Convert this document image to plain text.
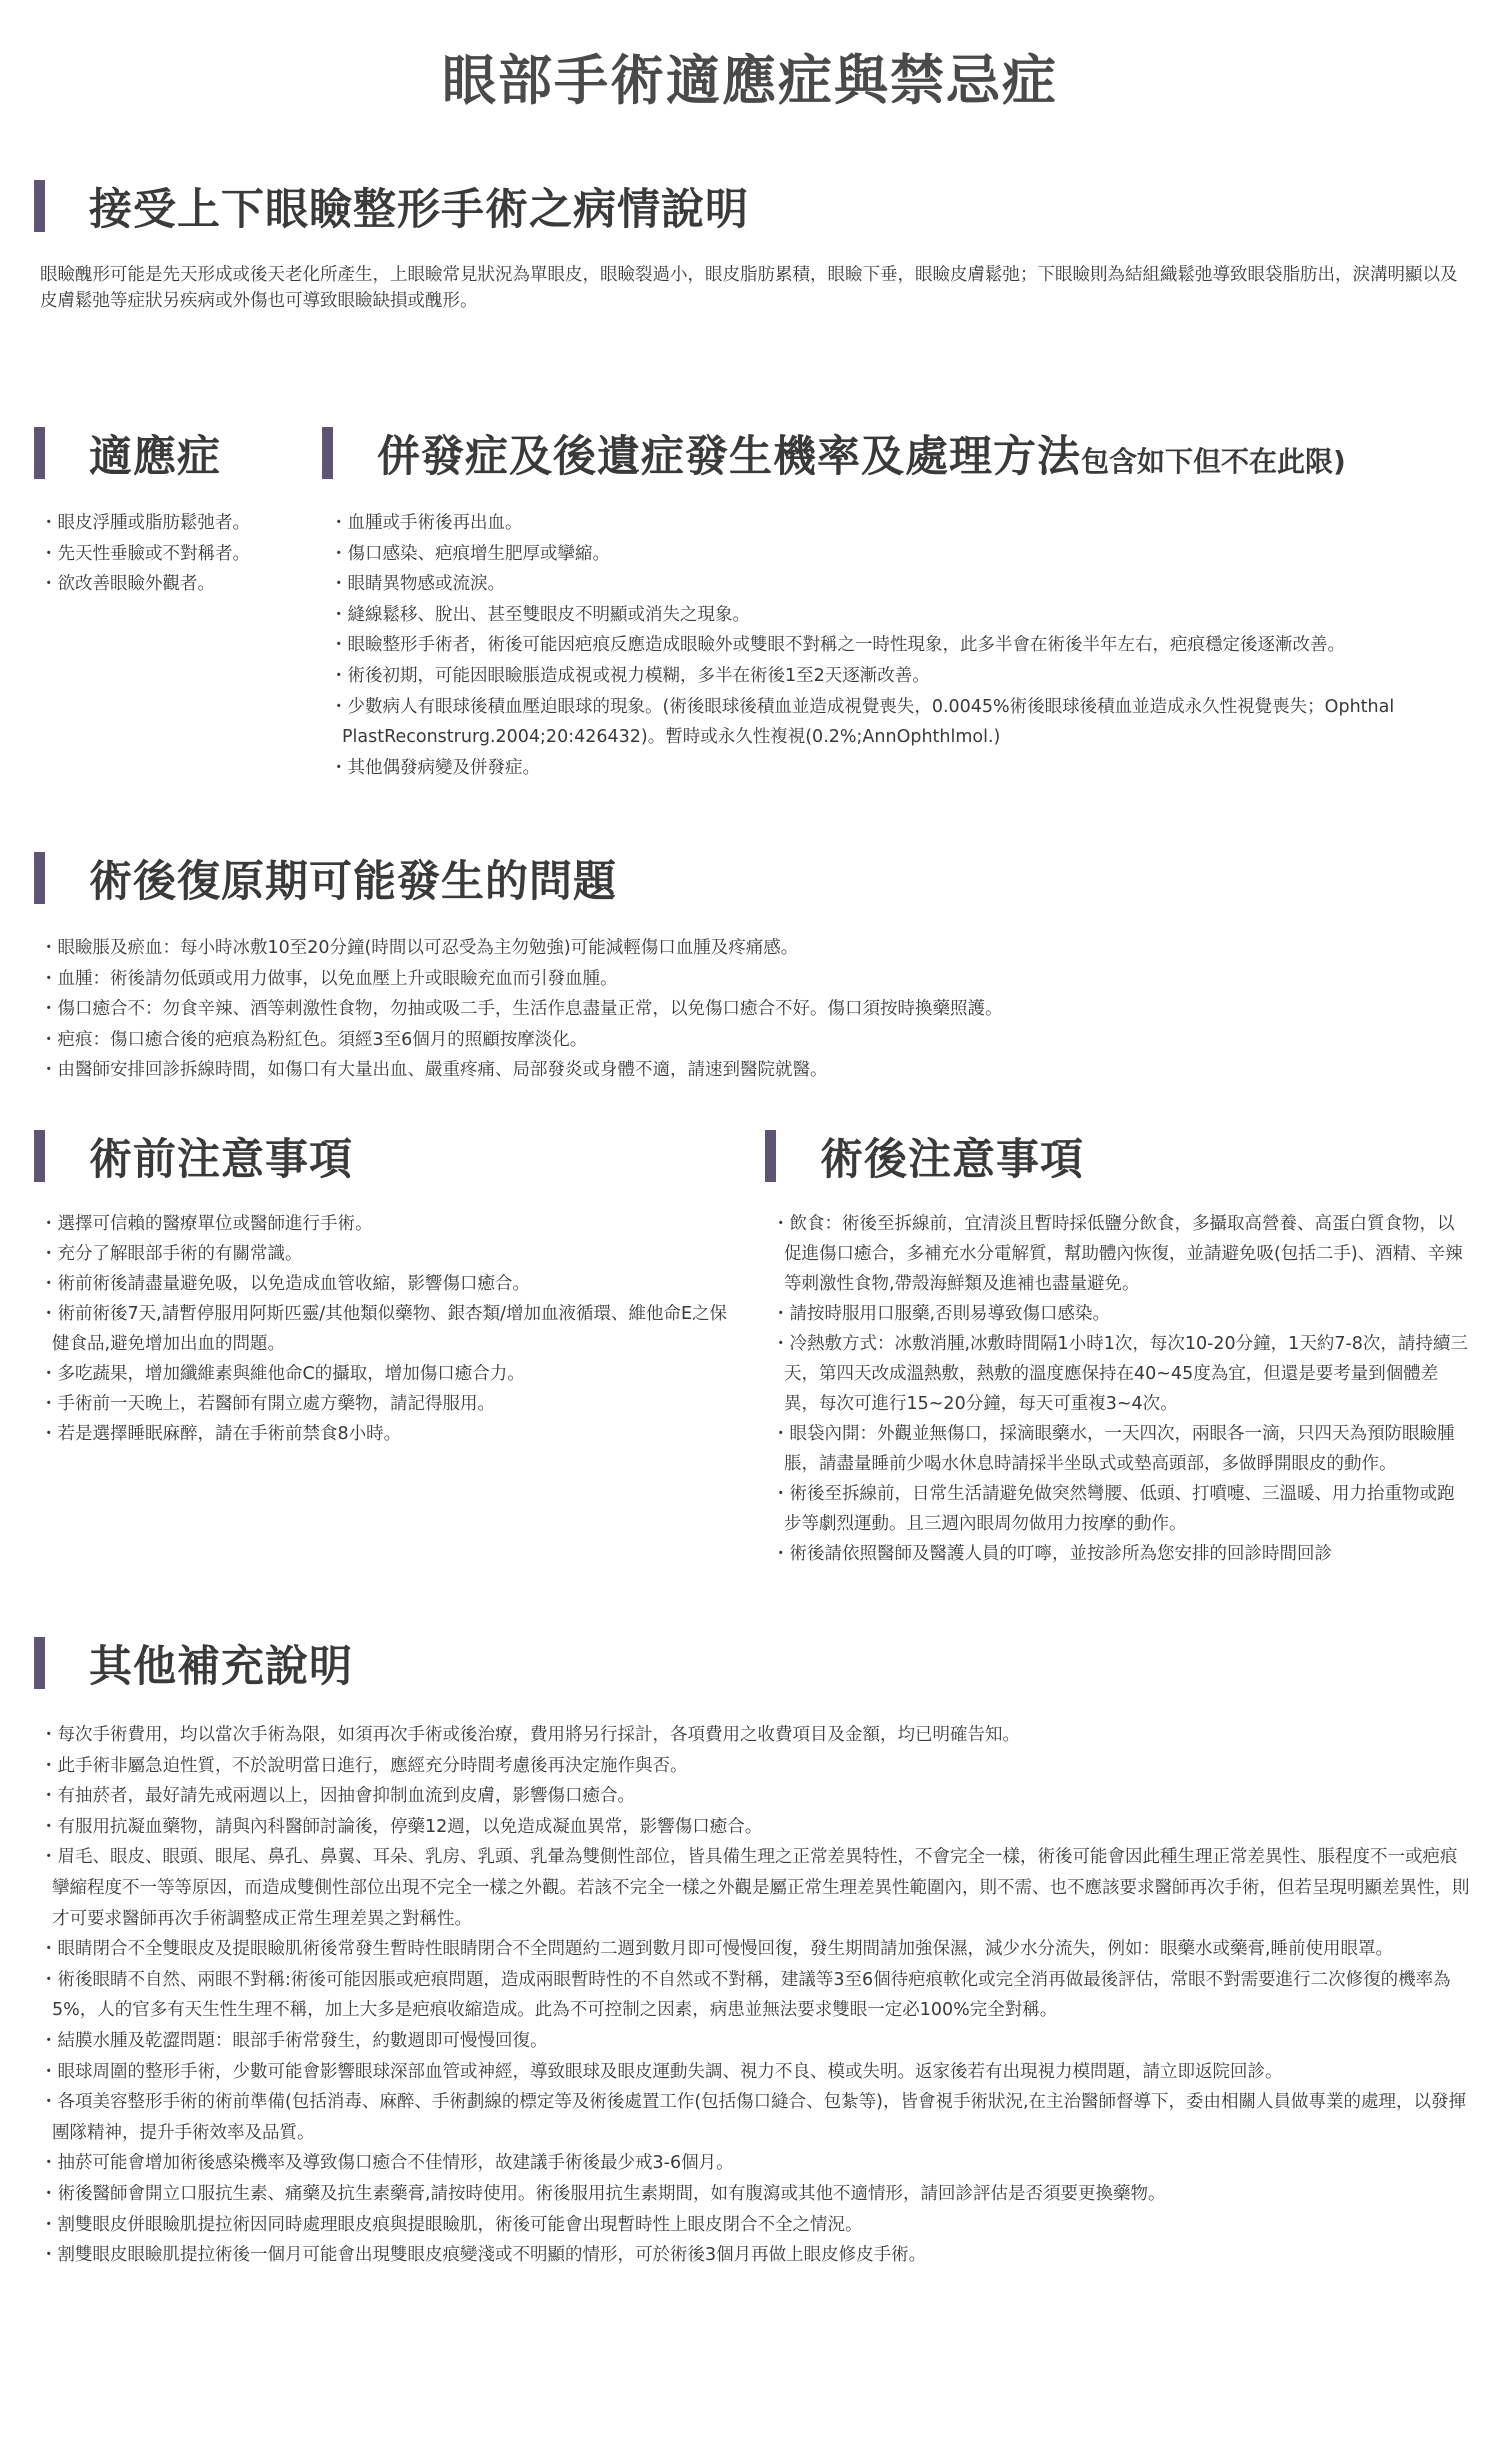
眼部手術適應症與禁忌症
接受上下眼瞼整形手術之病情說明

眼瞼醜形可能是先天形成或後天老化所產生，上眼瞼常見狀況為單眼皮，眼瞼裂過小，眼皮脂肪累積，眼瞼下垂，眼瞼皮膚鬆弛；下眼瞼則為結組織鬆弛導致眼袋脂肪出，淚溝明顯以及皮膚鬆弛等症狀另疾病或外傷也可導致眼瞼缺損或醜形。

適應症
・眼皮浮腫或脂肪鬆弛者。
・先天性垂臉或不對稱者。
・欲改善眼瞼外觀者。
併發症及後遺症發生機率及處理方法包含如下但不在此限)
・血腫或手術後再出血。
・傷口感染、疤痕增生肥厚或攣縮。
・眼睛異物感或流淚。
・縫線鬆移、脫出、甚至雙眼皮不明顯或消失之現象。
・眼瞼整形手術者，術後可能因疤痕反應造成眼瞼外或雙眼不對稱之一時性現象，此多半會在術後半年左右，疤痕穩定後逐漸改善。
・術後初期，可能因眼瞼脹造成視或視力模糊，多半在術後1至2天逐漸改善。
・少數病人有眼球後積血壓迫眼球的現象。(術後眼球後積血並造成視覺喪失，0.0045%術後眼球後積血並造成永久性視覺喪失；Ophthal PlastReconstrurg.2004;20:426432)。暫時或永久性複視(0.2%;AnnOphthlmol.)
・其他偶發病變及併發症。
術後復原期可能發生的問題
・眼瞼脹及瘀血：每小時冰敷10至20分鐘(時間以可忍受為主勿勉強)可能減輕傷口血腫及疼痛感。
・血腫：術後請勿低頭或用力做事，以免血壓上升或眼瞼充血而引發血腫。
・傷口癒合不：勿食辛辣、酒等刺激性食物，勿抽或吸二手，生活作息盡量正常，以免傷口癒合不好。傷口須按時換藥照護。
・疤痕：傷口癒合後的疤痕為粉紅色。須經3至6個月的照顧按摩淡化。
・由醫師安排回診拆線時間，如傷口有大量出血、嚴重疼痛、局部發炎或身體不適，請速到醫院就醫。
術前注意事項
・選擇可信賴的醫療單位或醫師進行手術。
・充分了解眼部手術的有關常識。
・術前術後請盡量避免吸，以免造成血管收縮，影響傷口癒合。
・術前術後7天,請暫停服用阿斯匹靈/其他類似藥物、銀杏類/增加血液循環、維他命E之保健食品,避免增加出血的問題。
・多吃蔬果，增加纖維素與維他命C的攝取，增加傷口癒合力。
・手術前一天晚上，若醫師有開立處方藥物，請記得服用。
・若是選擇睡眠麻醉，請在手術前禁食8小時。
術後注意事項
・飲食：術後至拆線前，宜清淡且暫時採低鹽分飲食，多攝取高營養、高蛋白質食物，以促進傷口癒合，多補充水分電解質，幫助體內恢復，並請避免吸(包括二手)、酒精、辛辣等刺激性食物,帶殼海鮮類及進補也盡量避免。
・請按時服用口服藥,否則易導致傷口感染。
・冷熱敷方式：冰敷消腫,冰敷時間隔1小時1次，每次10-20分鐘，1天約7-8次，請持續三天，第四天改成溫熱敷，熱敷的溫度應保持在40~45度為宜，但還是要考量到個體差異，每次可進行15~20分鐘，每天可重複3~4次。
・眼袋內開：外觀並無傷口，採滴眼藥水，一天四次，兩眼各一滴，只四天為預防眼瞼腫脹，請盡量睡前少喝水休息時請採半坐臥式或墊高頭部，多做睜開眼皮的動作。
・術後至拆線前，日常生活請避免做突然彎腰、低頭、打噴嚏、三溫暖、用力抬重物或跑步等劇烈運動。且三週內眼周勿做用力按摩的動作。
・術後請依照醫師及醫護人員的叮嚀，並按診所為您安排的回診時間回診
其他補充說明
・每次手術費用，均以當次手術為限，如須再次手術或後治療，費用將另行採計，各項費用之收費項目及金額，均已明確告知。
・此手術非屬急迫性質，不於說明當日進行，應經充分時間考慮後再決定施作與否。
・有抽菸者，最好請先戒兩週以上，因抽會抑制血流到皮膚，影響傷口癒合。
・有服用抗凝血藥物，請與內科醫師討論後，停藥12週，以免造成凝血異常，影響傷口癒合。
・眉毛、眼皮、眼頭、眼尾、鼻孔、鼻翼、耳朵、乳房、乳頭、乳暈為雙側性部位，皆具備生理之正常差異特性，不會完全一樣，術後可能會因此種生理正常差異性、脹程度不一或疤痕攣縮程度不一等等原因，而造成雙側性部位出現不完全一樣之外觀。若該不完全一樣之外觀是屬正常生理差異性範圍內，則不需、也不應該要求醫師再次手術，但若呈現明顯差異性，則才可要求醫師再次手術調整成正常生理差異之對稱性。
・眼睛閉合不全雙眼皮及提眼瞼肌術後常發生暫時性眼睛閉合不全問題約二週到數月即可慢慢回復，發生期間請加強保濕，減少水分流失，例如：眼藥水或藥膏,睡前使用眼罩。
・術後眼睛不自然、兩眼不對稱:術後可能因脹或疤痕問題，造成兩眼暫時性的不自然或不對稱，建議等3至6個待疤痕軟化或完全消再做最後評估，常眼不對需要進行二次修復的機率為5%，人的官多有天生性生理不稱，加上大多是疤痕收縮造成。此為不可控制之因素，病患並無法要求雙眼一定必100%完全對稱。
・結膜水腫及乾澀問題：眼部手術常發生，約數週即可慢慢回復。
・眼球周圍的整形手術，少數可能會影響眼球深部血管或神經，導致眼球及眼皮運動失調、視力不良、模或失明。返家後若有出現視力模問題，請立即返院回診。
・各項美容整形手術的術前準備(包括消毒、麻醉、手術劃線的標定等及術後處置工作(包括傷口縫合、包紮等)，皆會視手術狀況,在主治醫師督導下，委由相關人員做專業的處理，以發揮團隊精神，提升手術效率及品質。
・抽菸可能會增加術後感染機率及導致傷口癒合不佳情形，故建議手術後最少戒3-6個月。
・術後醫師會開立口服抗生素、痛藥及抗生素藥膏,請按時使用。術後服用抗生素期間，如有腹瀉或其他不適情形，請回診評估是否須要更換藥物。
・割雙眼皮併眼瞼肌提拉術因同時處理眼皮痕與提眼瞼肌，術後可能會出現暫時性上眼皮閉合不全之情況。
・割雙眼皮眼瞼肌提拉術後一個月可能會出現雙眼皮痕變淺或不明顯的情形，可於術後3個月再做上眼皮修皮手術。
